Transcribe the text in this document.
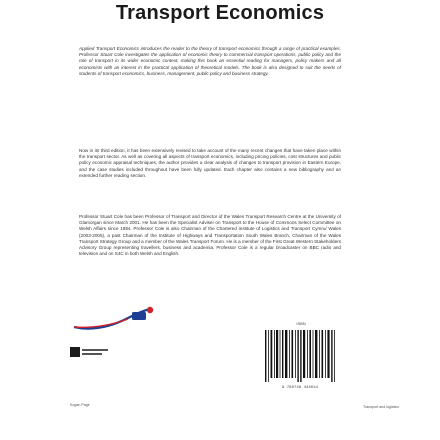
Transport Economics

Applied Transport Economics introduces the reader to the theory of transport economics through a range of practical examples. Professor Stuart Cole investigates the application of economic theory to commercial transport operations, public policy and the role of transport in its wider economic context, making this book an essential reading for managers, policy makers and all economists with an interest in the practical application of theoretical models. The book is also designed to suit the needs of students of transport economics, business, management, public policy and business strategy.

Now in its third edition, it has been extensively revised to take account of the many recent changes that have taken place within the transport sector. As well as covering all aspects of transport economics, including pricing policies, cost structures and public policy economic appraisal techniques, the author provides a clear analysis of changes to transport provision in Eastern Europe, and the case studies included throughout have been fully updated. Each chapter also contains a new bibliography and an extended further reading section.

Professor Stuart Cole has been Professor of Transport and Director of the Wales Transport Research Centre at the University of Glamorgan since March 2001. He has been the Specialist Adviser on Transport to the House of Commons Select Committee on Welsh Affairs since 1984. Professor Cole is also Chairman of the Chartered Institute of Logistics and Transport Cymru/ Wales (2003-2005), a past Chairman of the Institute of Highways and Transportation South Wales Branch, Chairman of the Wales Transport Strategy Group and a member of the Wales Transport Forum. He is a member of the First Great Western Stakeholders Advisory Group representing travellers, business and academia. Professor Cole is a regular broadcaster on BBC radio and television and on S4C in both Welsh and English.

ISBN
9 780749 444044
Kogan Page	Transport and logistics
